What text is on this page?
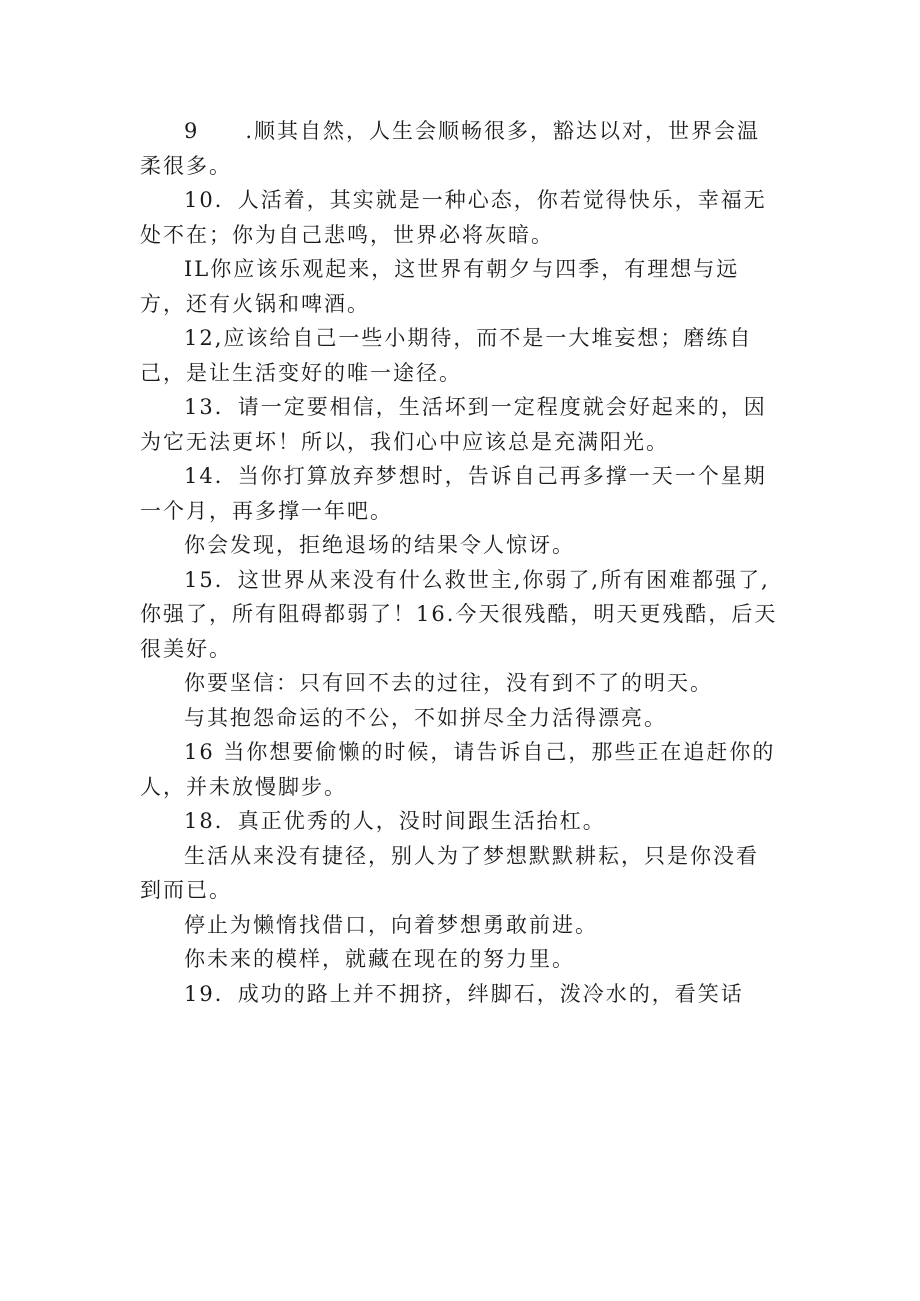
9　　.顺其自然，人生会顺畅很多，豁达以对，世界会温柔很多。

10．人活着，其实就是一种心态，你若觉得快乐，幸福无处不在；你为自己悲鸣，世界必将灰暗。

IL你应该乐观起来，这世界有朝夕与四季，有理想与远方，还有火锅和啤酒。

12,应该给自己一些小期待，而不是一大堆妄想；磨练自己，是让生活变好的唯一途径。

13．请一定要相信，生活坏到一定程度就会好起来的，因为它无法更坏！所以，我们心中应该总是充满阳光。

14．当你打算放弃梦想时，告诉自己再多撑一天一个星期一个月，再多撑一年吧。

你会发现，拒绝退场的结果令人惊讶。

15．这世界从来没有什么救世主,你弱了,所有困难都强了,你强了，所有阻碍都弱了！16.今天很残酷，明天更残酷，后天很美好。

你要坚信：只有回不去的过往，没有到不了的明天。

与其抱怨命运的不公，不如拼尽全力活得漂亮。

16 当你想要偷懒的时候，请告诉自己，那些正在追赶你的人，并未放慢脚步。

18．真正优秀的人，没时间跟生活抬杠。

生活从来没有捷径，别人为了梦想默默耕耘，只是你没看到而已。

停止为懒惰找借口，向着梦想勇敢前进。

你未来的模样，就藏在现在的努力里。

19．成功的路上并不拥挤，绊脚石，泼冷水的，看笑话
